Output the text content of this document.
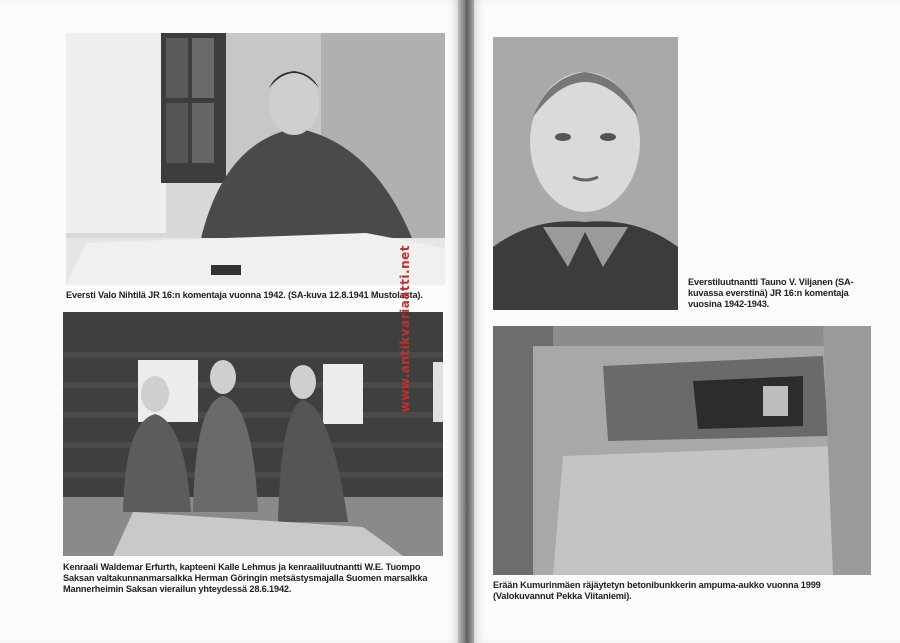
Eversti Valo Nihtilä JR 16:n komentaja vuonna 1942. (SA-kuva 12.8.1941 Mustolasta).
Everstiluutnantti Tauno V. Viljanen (SA-kuvassa everstinä) JR 16:n komentaja vuosina 1942-1943.
Kenraali Waldemar Erfurth, kapteeni Kalle Lehmus ja kenraaliluutnantti W.E. Tuompo Saksan valtakunnanmarsalkka Herman Göringin metsästysmajalla Suomen marsalkka Mannerheimin Saksan vierailun yhteydessä 28.6.1942.	Erään Kumurinmäen räjäytetyn betonibunkkerin ampuma-aukko vuonna 1999 (Valokuvannut Pekka Viitaniemi).
www.antikvariaatti.net
